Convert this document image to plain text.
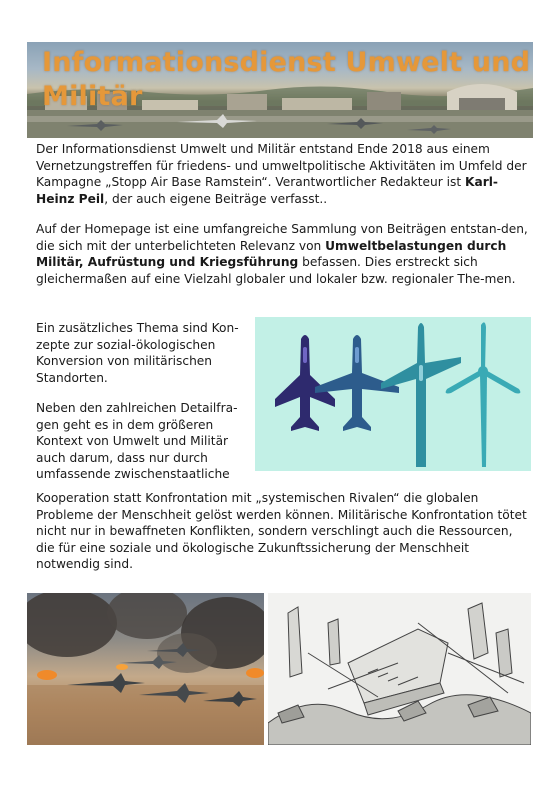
Informationsdienst Umwelt und Militär

Der Informationsdienst Umwelt und Militär entstand Ende 2018 aus einem Vernetzungstreffen für friedens- und umweltpolitische Aktivitäten im Umfeld der Kampagne „Stopp Air Base Ramstein“. Verantwortlicher Redakteur ist Karl-Heinz Peil, der auch eigene Beiträge verfasst..

Auf der Homepage ist eine umfangreiche Sammlung von Beiträgen entstan-den, die sich mit der unterbelichteten Relevanz von Umweltbelastungen durch Militär, Aufrüstung und Kriegsführung befassen. Dies erstreckt sich gleichermaßen auf eine Vielzahl globaler und lokaler bzw. regionaler The-men.

Ein zusätzliches Thema sind Kon-zepte zur sozial-ökologischen Konversion von militärischen Standorten.

Neben den zahlreichen Detailfra-gen geht es in dem größeren Kontext von Umwelt und Militär auch darum, dass nur durch umfassende zwischenstaatliche

Kooperation statt Konfrontation mit „systemischen Rivalen“ die globalen Probleme der Menschheit gelöst werden können. Militärische Konfrontation tötet nicht nur in bewaffneten Konflikten, sondern verschlingt auch die Ressourcen, die für eine soziale und ökologische Zukunftssicherung der Menschheit notwendig sind.
